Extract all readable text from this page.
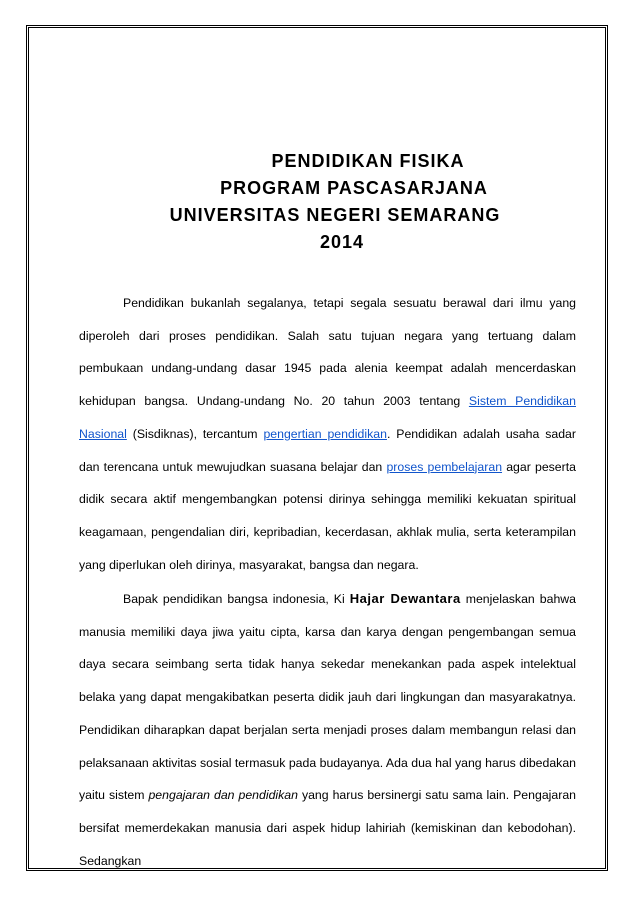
PENDIDIKAN FISIKA
PROGRAM PASCASARJANA
UNIVERSITAS NEGERI SEMARANG
2014

Pendidikan bukanlah segalanya, tetapi segala sesuatu berawal dari ilmu yang diperoleh dari proses pendidikan. Salah satu tujuan negara yang tertuang dalam pembukaan undang-undang dasar 1945 pada alenia keempat adalah mencerdaskan kehidupan bangsa. Undang-undang No. 20 tahun 2003 tentang Sistem Pendidikan Nasional (Sisdiknas), tercantum pengertian pendidikan. Pendidikan adalah usaha sadar dan terencana untuk mewujudkan suasana belajar dan proses pembelajaran agar peserta didik secara aktif mengembangkan potensi dirinya sehingga memiliki kekuatan spiritual keagamaan, pengendalian diri, kepribadian, kecerdasan, akhlak mulia, serta keterampilan yang diperlukan oleh dirinya, masyarakat, bangsa dan negara.

Bapak pendidikan bangsa indonesia, Ki Hajar Dewantara menjelaskan bahwa manusia memiliki daya jiwa yaitu cipta, karsa dan karya dengan pengembangan semua daya secara seimbang serta tidak hanya sekedar menekankan pada aspek intelektual belaka yang dapat mengakibatkan peserta didik jauh dari lingkungan dan masyarakatnya. Pendidikan diharapkan dapat berjalan serta menjadi proses dalam membangun relasi dan pelaksanaan aktivitas sosial termasuk pada budayanya. Ada dua hal yang harus dibedakan yaitu sistem pengajaran dan pendidikan yang harus bersinergi satu sama lain. Pengajaran bersifat memerdekakan manusia dari aspek hidup lahiriah (kemiskinan dan kebodohan). Sedangkan
